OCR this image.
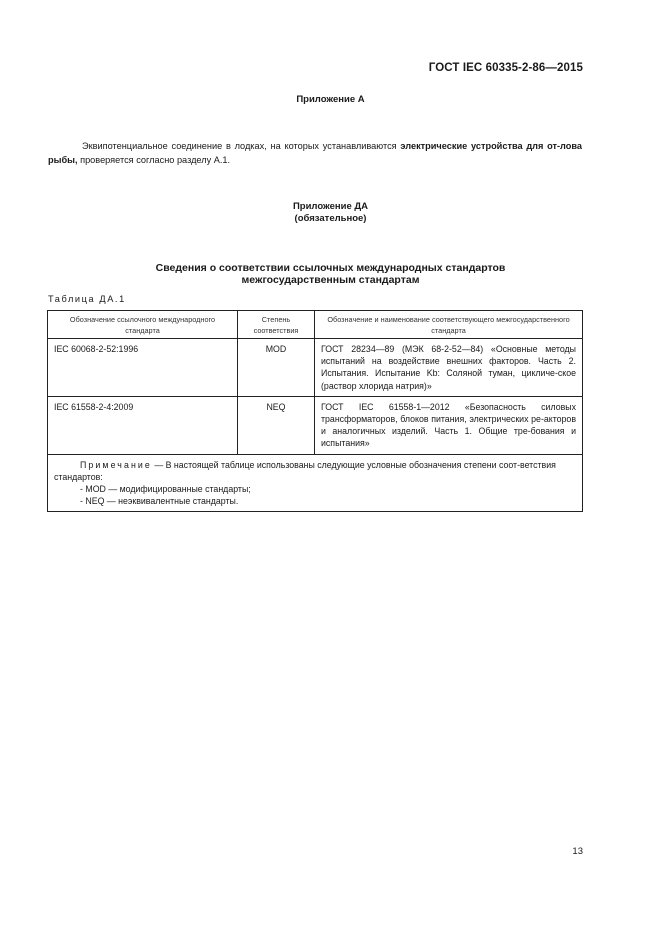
ГОСТ IEC 60335-2-86—2015
Приложение A
Эквипотенциальное соединение в лодках, на которых устанавливаются электрические устройства для от-лова рыбы, проверяется согласно разделу А.1.
Приложение ДА
(обязательное)
Сведения о соответствии ссылочных международных стандартов
межгосударственным стандартам
Таблица ДА.1
Обозначение ссылочного международного стандарта	Степень соответствия	Обозначение и наименование соответствующего межгосударственного стандарта
IEC 60068-2-52:1996	MOD	ГОСТ 28234—89 (МЭК 68-2-52—84) «Основные методы испытаний на воздействие внешних факторов. Часть 2. Испытания. Испытание Kb: Соляной туман, цикличе-ское (раствор хлорида натрия)»
IEC 61558-2-4:2009	NEQ	ГОСТ IEC 61558-1—2012 «Безопасность силовых трансформаторов, блоков питания, электрических ре-акторов и аналогичных изделий. Часть 1. Общие тре-бования и испытания»

Примечание — В настоящей таблице использованы следующие условные обозначения степени соот-ветствия стандартов:
- MOD — модифицированные стандарты;
- NEQ — неэквивалентные стандарты.		
13
